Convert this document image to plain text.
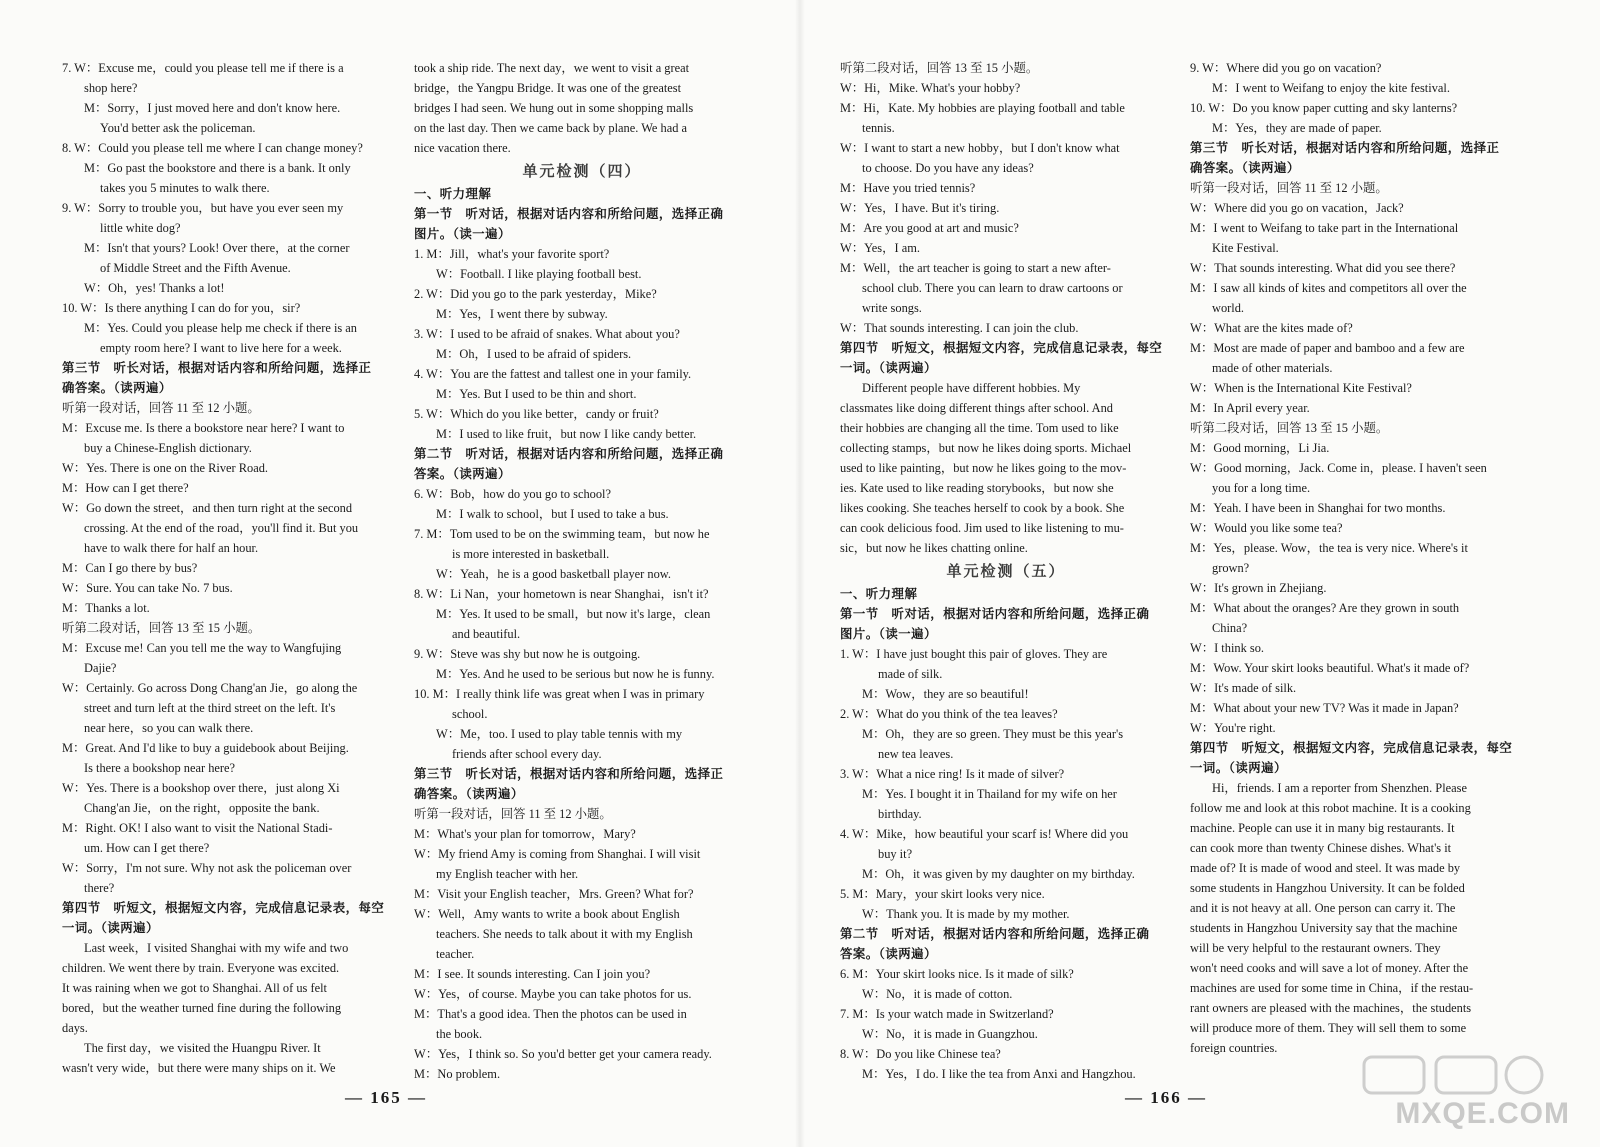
7. W：Excuse me，could you please tell me if there is a
shop here?
M：Sorry，I just moved here and don't know here.
You'd better ask the policeman.
8. W：Could you please tell me where I can change money?
M：Go past the bookstore and there is a bank. It only
takes you 5 minutes to walk there.
9. W：Sorry to trouble you，but have you ever seen my
little white dog?
M：Isn't that yours? Look! Over there，at the corner
of Middle Street and the Fifth Avenue.
W：Oh，yes! Thanks a lot!
10. W：Is there anything I can do for you，sir?
M：Yes. Could you please help me check if there is an
empty room here? I want to live here for a week.
第三节　听长对话，根据对话内容和所给问题，选择正
确答案。（读两遍）
听第一段对话，回答 11 至 12 小题。
M：Excuse me. Is there a bookstore near here? I want to
buy a Chinese-English dictionary.
W：Yes. There is one on the River Road.
M：How can I get there?
W：Go down the street，and then turn right at the second
crossing. At the end of the road，you'll find it. But you
have to walk there for half an hour.
M：Can I go there by bus?
W：Sure. You can take No. 7 bus.
M：Thanks a lot.
听第二段对话，回答 13 至 15 小题。
M：Excuse me! Can you tell me the way to Wangfujing
Dajie?
W：Certainly. Go across Dong Chang'an Jie，go along the
street and turn left at the third street on the left. It's
near here，so you can walk there.
M：Great. And I'd like to buy a guidebook about Beijing.
Is there a bookshop near here?
W：Yes. There is a bookshop over there，just along Xi
Chang'an Jie，on the right，opposite the bank.
M：Right. OK! I also want to visit the National Stadi-
um. How can I get there?
W：Sorry，I'm not sure. Why not ask the policeman over
there?
第四节　听短文，根据短文内容，完成信息记录表，每空
一词。（读两遍）
Last week，I visited Shanghai with my wife and two
children. We went there by train. Everyone was excited.
It was raining when we got to Shanghai. All of us felt
bored，but the weather turned fine during the following
days.
The first day，we visited the Huangpu River. It
wasn't very wide，but there were many ships on it. We
took a ship ride. The next day，we went to visit a great
bridge，the Yangpu Bridge. It was one of the greatest
bridges I had seen. We hung out in some shopping malls
on the last day. Then we came back by plane. We had a
nice vacation there.
单元检测（四）
一、听力理解
第一节　听对话，根据对话内容和所给问题，选择正确
图片。（读一遍）
1. M：Jill，what's your favorite sport?
W：Football. I like playing football best.
2. W：Did you go to the park yesterday，Mike?
M：Yes，I went there by subway.
3. W：I used to be afraid of snakes. What about you?
M：Oh，I used to be afraid of spiders.
4. W：You are the fattest and tallest one in your family.
M：Yes. But I used to be thin and short.
5. W：Which do you like better，candy or fruit?
M：I used to like fruit，but now I like candy better.
第二节　听对话，根据对话内容和所给问题，选择正确
答案。（读两遍）
6. W：Bob，how do you go to school?
M：I walk to school，but I used to take a bus.
7. M：Tom used to be on the swimming team，but now he
is more interested in basketball.
W：Yeah，he is a good basketball player now.
8. W：Li Nan，your hometown is near Shanghai，isn't it?
M：Yes. It used to be small，but now it's large，clean
and beautiful.
9. W：Steve was shy but now he is outgoing.
M：Yes. And he used to be serious but now he is funny.
10. M：I really think life was great when I was in primary
school.
W：Me，too. I used to play table tennis with my
friends after school every day.
第三节　听长对话，根据对话内容和所给问题，选择正
确答案。（读两遍）
听第一段对话，回答 11 至 12 小题。
M：What's your plan for tomorrow，Mary?
W：My friend Amy is coming from Shanghai. I will visit
my English teacher with her.
M：Visit your English teacher，Mrs. Green? What for?
W：Well，Amy wants to write a book about English
teachers. She needs to talk about it with my English
teacher.
M：I see. It sounds interesting. Can I join you?
W：Yes，of course. Maybe you can take photos for us.
M：That's a good idea. Then the photos can be used in
the book.
W：Yes，I think so. So you'd better get your camera ready.
M：No problem.
听第二段对话，回答 13 至 15 小题。
W：Hi，Mike. What's your hobby?
M：Hi，Kate. My hobbies are playing football and table
tennis.
W：I want to start a new hobby，but I don't know what
to choose. Do you have any ideas?
M：Have you tried tennis?
W：Yes，I have. But it's tiring.
M：Are you good at art and music?
W：Yes，I am.
M：Well，the art teacher is going to start a new after-
school club. There you can learn to draw cartoons or
write songs.
W：That sounds interesting. I can join the club.
第四节　听短文，根据短文内容，完成信息记录表，每空
一词。（读两遍）
Different people have different hobbies. My
classmates like doing different things after school. And
their hobbies are changing all the time. Tom used to like
collecting stamps，but now he likes doing sports. Michael
used to like painting，but now he likes going to the mov-
ies. Kate used to like reading storybooks，but now she
likes cooking. She teaches herself to cook by a book. She
can cook delicious food. Jim used to like listening to mu-
sic，but now he likes chatting online.
单元检测（五）
一、听力理解
第一节　听对话，根据对话内容和所给问题，选择正确
图片。（读一遍）
1. W：I have just bought this pair of gloves. They are
made of silk.
M：Wow，they are so beautiful!
2. W：What do you think of the tea leaves?
M：Oh，they are so green. They must be this year's
new tea leaves.
3. W：What a nice ring! Is it made of silver?
M：Yes. I bought it in Thailand for my wife on her
birthday.
4. W：Mike，how beautiful your scarf is! Where did you
buy it?
M：Oh，it was given by my daughter on my birthday.
5. M：Mary，your skirt looks very nice.
W：Thank you. It is made by my mother.
第二节　听对话，根据对话内容和所给问题，选择正确
答案。（读两遍）
6. M：Your skirt looks nice. Is it made of silk?
W：No，it is made of cotton.
7. M：Is your watch made in Switzerland?
W：No，it is made in Guangzhou.
8. W：Do you like Chinese tea?
M：Yes，I do. I like the tea from Anxi and Hangzhou.
9. W：Where did you go on vacation?
M：I went to Weifang to enjoy the kite festival.
10. W：Do you know paper cutting and sky lanterns?
M：Yes，they are made of paper.
第三节　听长对话，根据对话内容和所给问题，选择正
确答案。（读两遍）
听第一段对话，回答 11 至 12 小题。
W：Where did you go on vacation，Jack?
M：I went to Weifang to take part in the International
Kite Festival.
W：That sounds interesting. What did you see there?
M：I saw all kinds of kites and competitors all over the
world.
W：What are the kites made of?
M：Most are made of paper and bamboo and a few are
made of other materials.
W：When is the International Kite Festival?
M：In April every year.
听第二段对话，回答 13 至 15 小题。
M：Good morning，Li Jia.
W：Good morning，Jack. Come in，please. I haven't seen
you for a long time.
M：Yeah. I have been in Shanghai for two months.
W：Would you like some tea?
M：Yes，please. Wow，the tea is very nice. Where's it
grown?
W：It's grown in Zhejiang.
M：What about the oranges? Are they grown in south
China?
W：I think so.
M：Wow. Your skirt looks beautiful. What's it made of?
W：It's made of silk.
M：What about your new TV? Was it made in Japan?
W：You're right.
第四节　听短文，根据短文内容，完成信息记录表，每空
一词。（读两遍）
Hi，friends. I am a reporter from Shenzhen. Please
follow me and look at this robot machine. It is a cooking
machine. People can use it in many big restaurants. It
can cook more than twenty Chinese dishes. What's it
made of? It is made of wood and steel. It was made by
some students in Hangzhou University. It can be folded
and it is not heavy at all. One person can carry it. The
students in Hangzhou University say that the machine
will be very helpful to the restaurant owners. They
won't need cooks and will save a lot of money. After the
machines are used for some time in China，if the restau-
rant owners are pleased with the machines，the students
will produce more of them. They will sell them to some
foreign countries.
— 165 —	— 166 —	MXQE.COM
